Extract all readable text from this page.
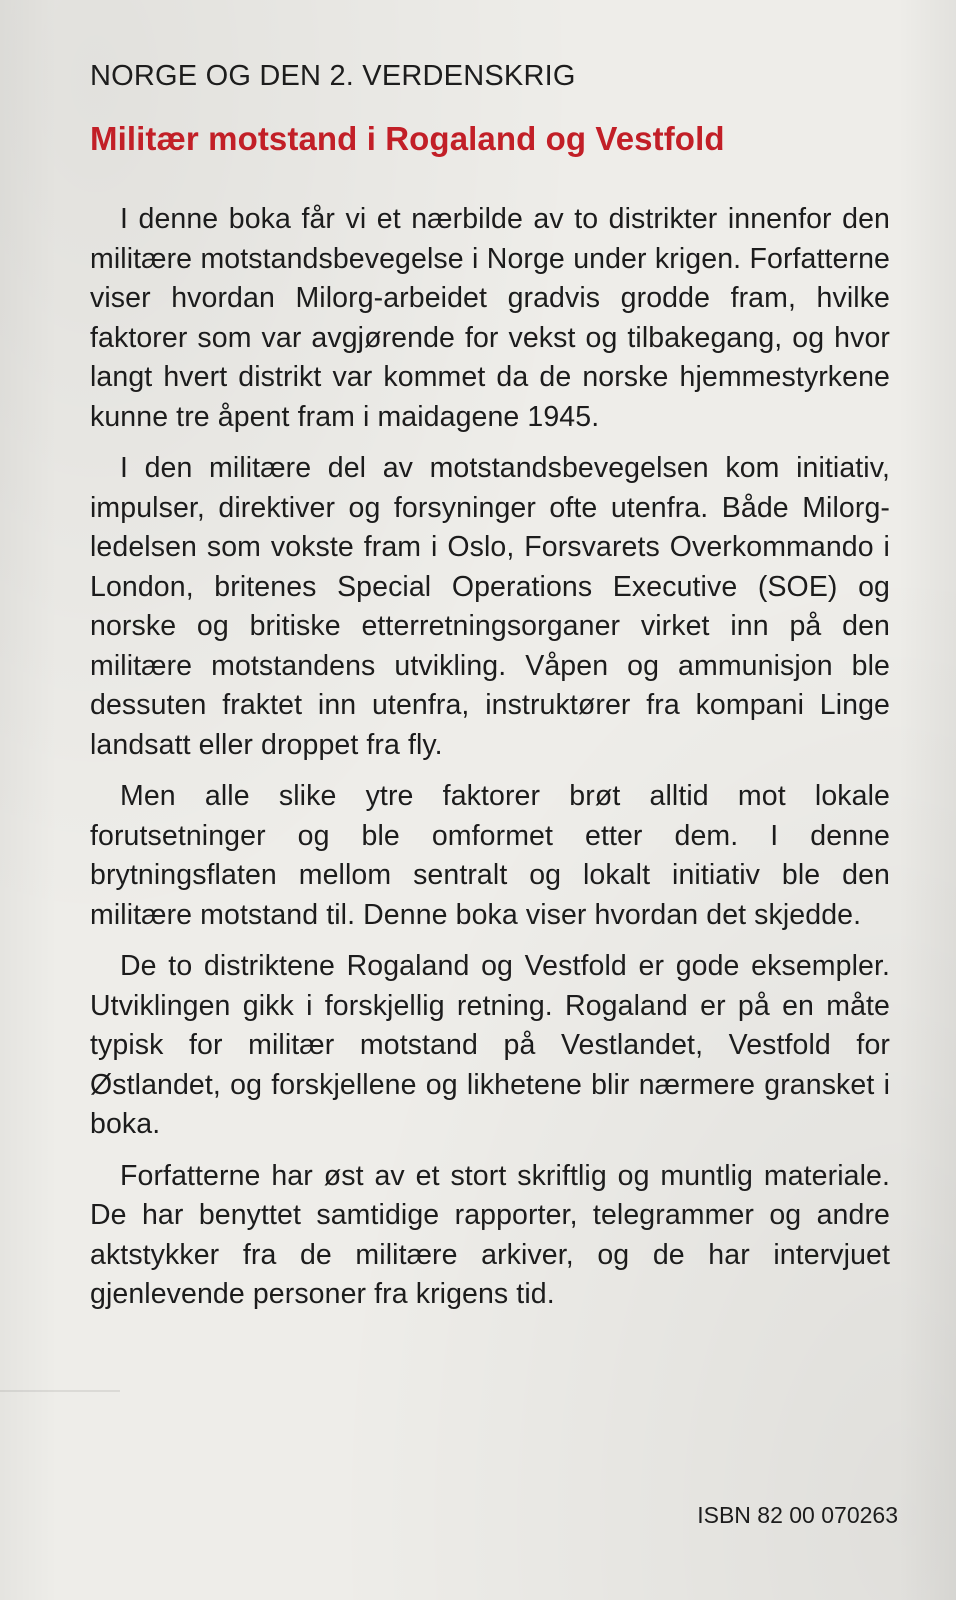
NORGE OG DEN 2. VERDENSKRIG
Militær motstand i Rogaland og Vestfold

I denne boka får vi et nærbilde av to distrikter innenfor den militære motstandsbevegelse i Norge under krigen. Forfatterne viser hvordan Milorg-arbeidet gradvis grodde fram, hvilke faktorer som var avgjørende for vekst og tilbakegang, og hvor langt hvert distrikt var kommet da de norske hjemmestyrkene kunne tre åpent fram i maidagene 1945.

I den militære del av motstandsbevegelsen kom initiativ, impulser, direktiver og forsyninger ofte utenfra. Både Milorg-ledelsen som vokste fram i Oslo, Forsvarets Overkommando i London, britenes Special Operations Executive (SOE) og norske og britiske etterretningsorganer virket inn på den militære motstandens utvikling. Våpen og ammunisjon ble dessuten fraktet inn utenfra, instruktører fra kompani Linge landsatt eller droppet fra fly.

Men alle slike ytre faktorer brøt alltid mot lokale forutsetninger og ble omformet etter dem. I denne brytningsflaten mellom sentralt og lokalt initiativ ble den militære motstand til. Denne boka viser hvordan det skjedde.

De to distriktene Rogaland og Vestfold er gode eksempler. Utviklingen gikk i forskjellig retning. Rogaland er på en måte typisk for militær motstand på Vestlandet, Vestfold for Østlandet, og forskjellene og likhetene blir nærmere gransket i boka.

Forfatterne har øst av et stort skriftlig og muntlig materiale. De har benyttet samtidige rapporter, telegrammer og andre aktstykker fra de militære arkiver, og de har intervjuet gjenlevende personer fra krigens tid.

ISBN 82 00 070263
